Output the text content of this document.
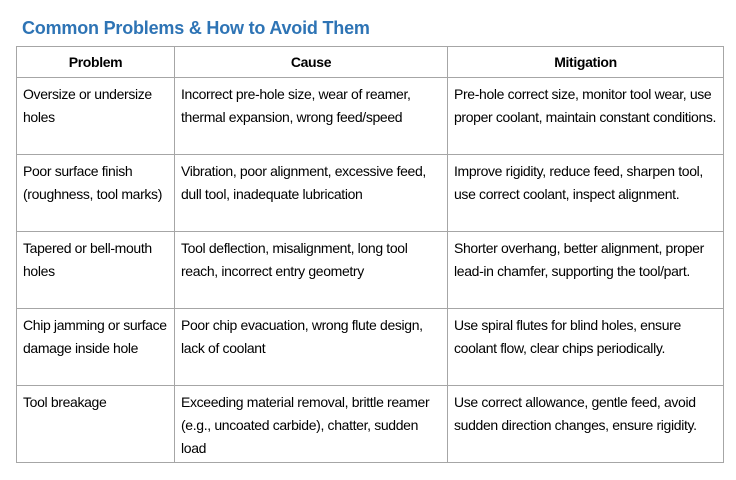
Common Problems & How to Avoid Them
Problem	Cause	Mitigation
Oversize or undersize holes	Incorrect pre-hole size, wear of reamer, thermal expansion, wrong feed/speed	Pre-hole correct size, monitor tool wear, use proper coolant, maintain constant conditions.
Poor surface finish (roughness, tool marks)	Vibration, poor alignment, excessive feed, dull tool, inadequate lubrication	Improve rigidity, reduce feed, sharpen tool, use correct coolant, inspect alignment.
Tapered or bell-mouth holes	Tool deflection, misalignment, long tool reach, incorrect entry geometry	Shorter overhang, better alignment, proper lead-in chamfer, supporting the tool/part.
Chip jamming or surface damage inside hole	Poor chip evacuation, wrong flute design, lack of coolant	Use spiral flutes for blind holes, ensure coolant flow, clear chips periodically.
Tool breakage	Exceeding material removal, brittle reamer (e.g., uncoated carbide), chatter, sudden load	Use correct allowance, gentle feed, avoid sudden direction changes, ensure rigidity.
